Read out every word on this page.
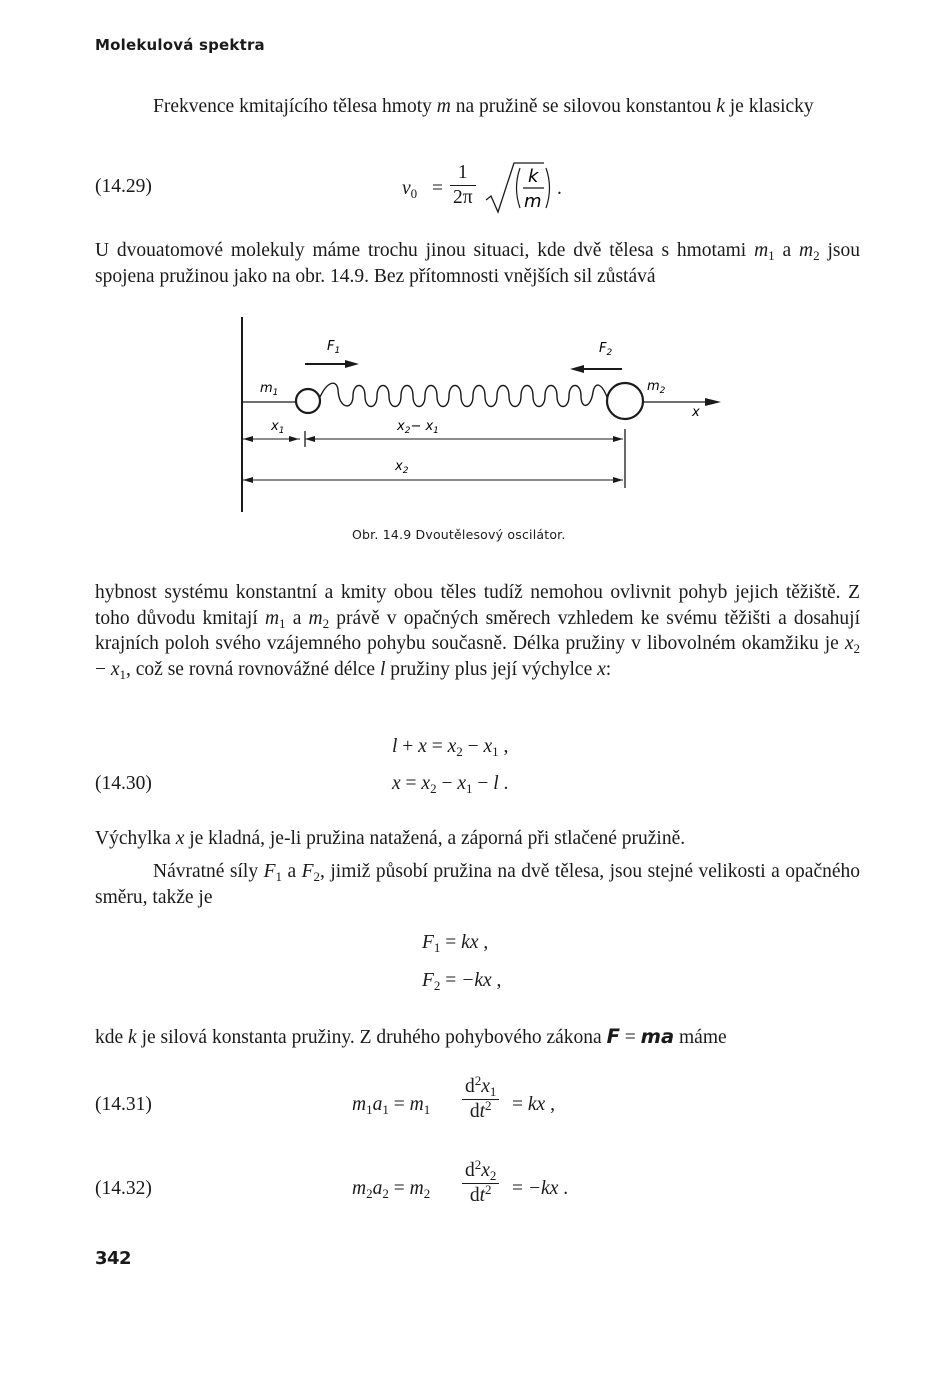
Molekulová spektra
Frekvence kmitajícího tělesa hmoty m na pružině se silovou konstantou k je klasicky
(14.29)	$\nu_0 = \frac{1}{2\pi}$	k
m
.
U dvouatomové molekuly máme trochu jinou situaci, kde dvě tělesa s hmotami $m_1$ a $m_2$ jsou spojena pružinou jako na obr. 14.9. Bez přítomnosti vnějších sil zůstává
x
$m_1$	$m_2$
$F_1$	$F_2$
$x_1$	$x_2- x_1$
$x_2$
Obr. 14.9 Dvoutělesový oscilátor.
hybnost systému konstantní a kmity obou těles tudíž nemohou ovlivnit pohyb jejich těžiště. Z toho důvodu kmitají $m_1$ a $m_2$ právě v opačných směrech vzhledem ke svému těžišti a dosahují krajních poloh svého vzájemného pohybu současně. Délka pružiny v libovolném okamžiku je $x_2 - x_1$, což se rovná rovnovážné délce l pružiny plus její výchylce x:
$l + x = x_2 - x_1$ ,
(14.30)	$x = x_2 - x_1 - l$ .
Výchylka x je kladná, je-li pružina natažená, a záporná při stlačené pružině.
Návratné síly $F_1$ a $F_2$, jimiž působí pružina na dvě tělesa, jsou stejné velikosti a opačného směru, takže je
$F_1$ = kx ,
$F_2 = -kx$ ,
kde k je silová konstanta pružiny. Z druhého pohybového zákona F = ma máme
(14.31)	$m_1a_1 = m_1 \frac{d^2x_1}{dt^2}$ = kx ,
(14.32)	$m_2a_2 = m_2 \frac{d^2x_2}{dt^2} = -kx$ .
342
